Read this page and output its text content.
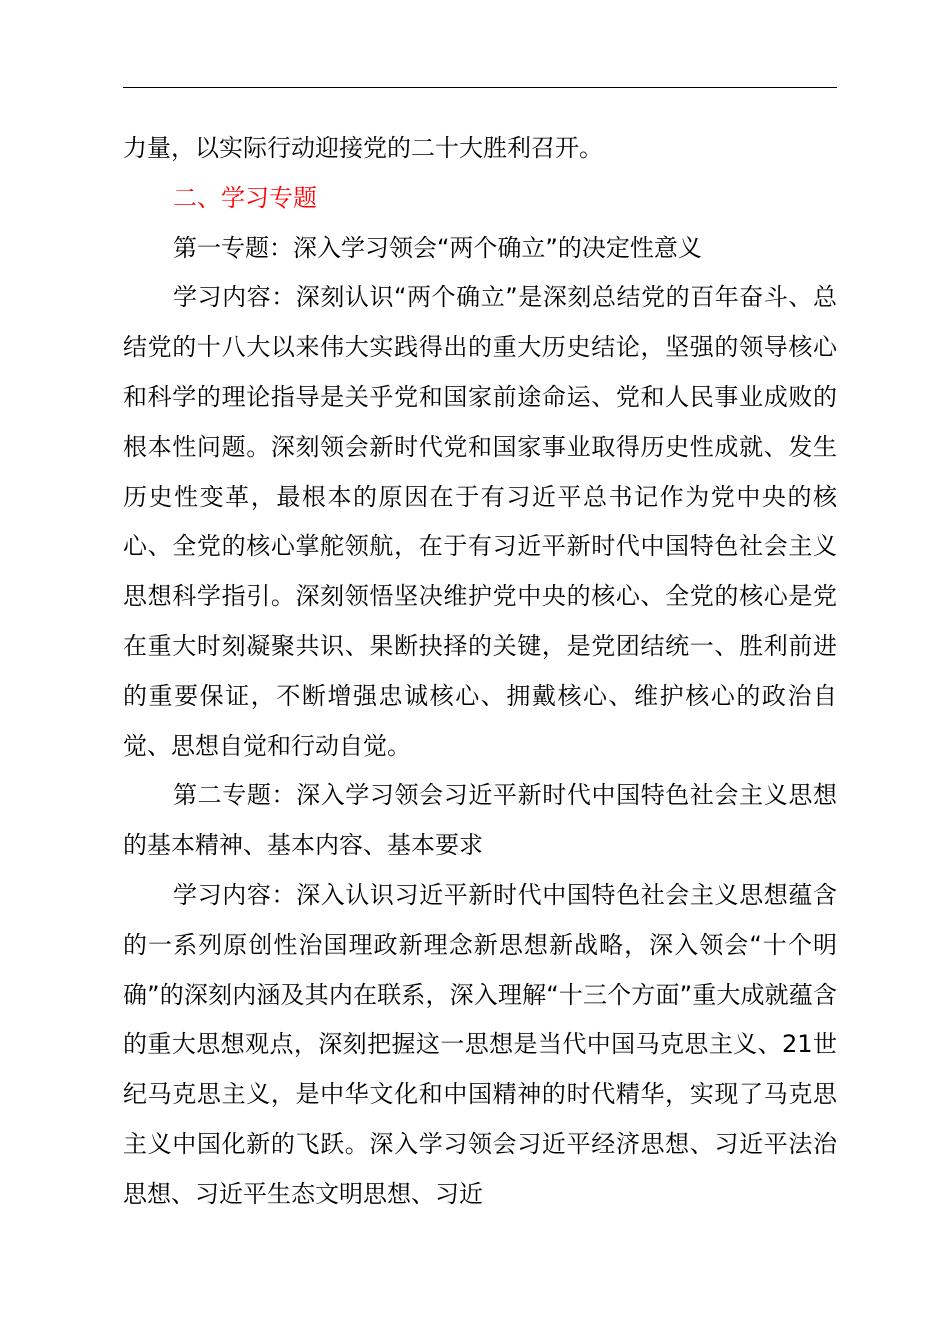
力量，以实际行动迎接党的二十大胜利召开。

二、学习专题

第一专题：深入学习领会“两个确立”的决定性意义

学习内容：深刻认识“两个确立”是深刻总结党的百年奋斗、总结党的十八大以来伟大实践得出的重大历史结论，坚强的领导核心和科学的理论指导是关乎党和国家前途命运、党和人民事业成败的根本性问题。深刻领会新时代党和国家事业取得历史性成就、发生历史性变革，最根本的原因在于有习近平总书记作为党中央的核心、全党的核心掌舵领航，在于有习近平新时代中国特色社会主义思想科学指引。深刻领悟坚决维护党中央的核心、全党的核心是党在重大时刻凝聚共识、果断抉择的关键，是党团结统一、胜利前进的重要保证，不断增强忠诚核心、拥戴核心、维护核心的政治自觉、思想自觉和行动自觉。

第二专题：深入学习领会习近平新时代中国特色社会主义思想的基本精神、基本内容、基本要求

学习内容：深入认识习近平新时代中国特色社会主义思想蕴含的一系列原创性治国理政新理念新思想新战略，深入领会“十个明确”的深刻内涵及其内在联系，深入理解“十三个方面”重大成就蕴含的重大思想观点，深刻把握这一思想是当代中国马克思主义、21世纪马克思主义，是中华文化和中国精神的时代精华，实现了马克思主义中国化新的飞跃。深入学习领会习近平经济思想、习近平法治思想、习近平生态文明思想、习近
